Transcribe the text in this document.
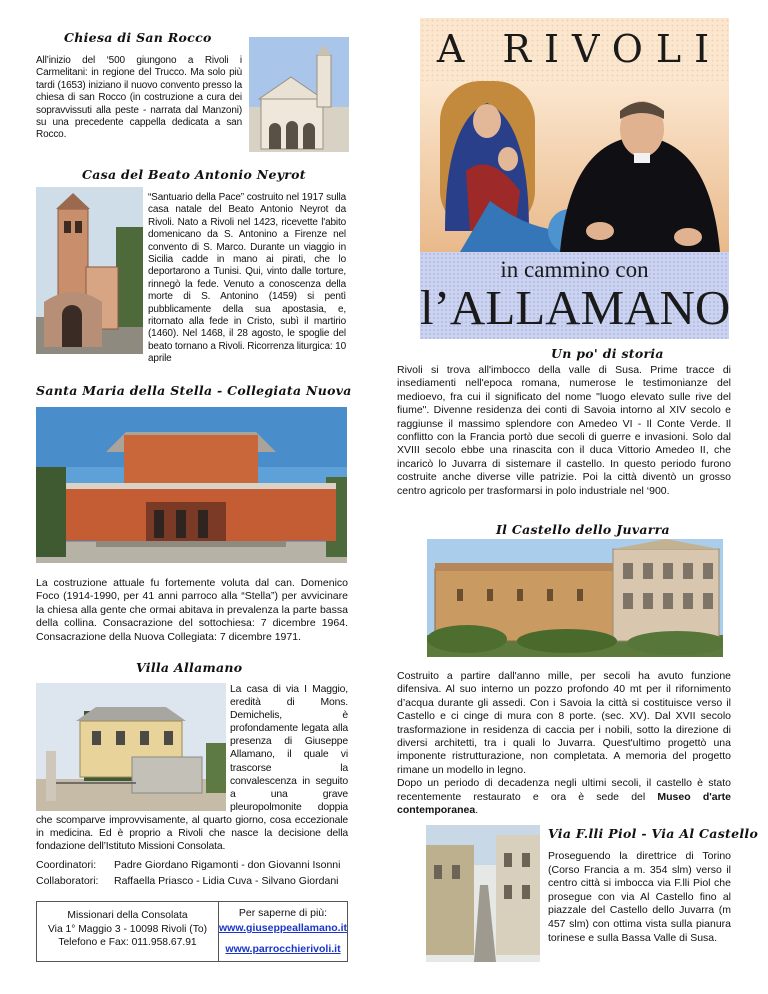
Chiesa di San Rocco
All’inizio del ‘500 giungono a Rivoli i Carmelitani: in regione del Trucco. Ma solo più tardi (1653) iniziano il nuovo convento presso la chiesa di san Rocco (in costruzione a cura dei sopravvissuti alla peste - narrata dal Manzoni) su una precedente cappella dedicata a san Rocco.
Casa del Beato Antonio Neyrot
“Santuario della Pace” costruito nel 1917 sulla casa natale del Beato Antonio Neyrot da Rivoli. Nato a Rivoli nel 1423, ricevette l'abito domenicano da S. Antonino a Firenze nel convento di S. Marco. Durante un viaggio in Sicilia cadde in mano ai pirati, che lo deportarono a Tunisi. Qui, vinto dalle torture, rinnegò la fede. Venuto a conoscenza della morte di S. Antonino (1459) si pentì pubblicamente della sua apostasia, e, ritornato alla fede in Cristo, subì il martirio (1460). Nel 1468, il 28 agosto, le spoglie del beato tornano a Rivoli. Ricorrenza liturgica: 10 aprile
Santa Maria della Stella - Collegiata Nuova
La costruzione attuale fu fortemente voluta dal can. Domenico Foco (1914-1990, per 41 anni parroco alla “Stella”) per avvicinare la chiesa alla gente che ormai abitava in prevalenza la parte bassa della collina. Consacrazione del sottochiesa: 7 dicembre 1964. Consacrazione della Nuova Collegiata: 7 dicembre 1971.
Villa Allamano
La casa di via I Maggio, eredità di Mons. Demichelis, è profondamente legata alla presenza di Giuseppe Allamano, il quale vi trascorse la convalescenza in seguito a una grave pleuropolmonite doppia che scomparve improvvisamente, al quarto giorno, cosa eccezionale in medicina. Ed è proprio a Rivoli che nasce la decisione della fondazione dell’Istituto Missioni Consolata.
Coordinatori: Padre Giordano Rigamonti - don Giovanni Isonni
Collaboratori: Raffaella Priasco - Lidia Cuva - Silvano Giordani
Missionari della Consolata
Via 1° Maggio 3 - 10098 Rivoli (To)
Telefono e Fax: 011.958.67.91
Per saperne di più:
www.giuseppeallamano.it
www.parrocchierivoli.it
A RIVOLI
in cammino con
l’ALLAMANO
Un po' di storia
Rivoli si trova all'imbocco della valle di Susa. Prime tracce di insediamenti nell'epoca romana, numerose le testimonianze del medioevo, fra cui il significato del nome "luogo elevato sulle rive del fiume". Divenne residenza dei conti di Savoia intorno al XIV secolo e raggiunse il massimo splendore con Amedeo VI - Il Conte Verde. Il conflitto con la Francia portò due secoli di guerre e invasioni. Solo dal XVIII secolo ebbe una rinascita con il duca Vittorio Amedeo II, che incaricò lo Juvarra di sistemare il castello. In questo periodo furono costruite anche diverse ville patrizie. Poi la città diventò un grosso centro agricolo per trasformarsi in polo industriale nel ‘900.
Il Castello dello Juvarra
Costruito a partire dall'anno mille, per secoli ha avuto funzione difensiva. Al suo interno un pozzo profondo 40 mt per il rifornimento d’acqua durante gli assedi. Con i Savoia la città si costituisce verso il Castello e ci cinge di mura con 8 porte. (sec. XV). Dal XVII secolo trasformazione in residenza di caccia per i nobili, sotto la direzione di diversi architetti, tra i quali lo Juvarra. Quest'ultimo progettò una imponente ristrutturazione, non completata. A memoria del progetto rimane un modello in legno.
Dopo un periodo di decadenza negli ultimi secoli, il castello è stato recentemente restaurato e ora è sede del Museo d'arte contemporanea.
Via F.lli Piol - Via Al Castello
Proseguendo la direttrice di Torino (Corso Francia a m. 354 slm) verso il centro città si imbocca via F.lli Piol che prosegue con via Al Castello fino al piazzale del Castello dello Juvarra (m 457 slm) con ottima vista sulla pianura torinese e sulla Bassa Valle di Susa.
